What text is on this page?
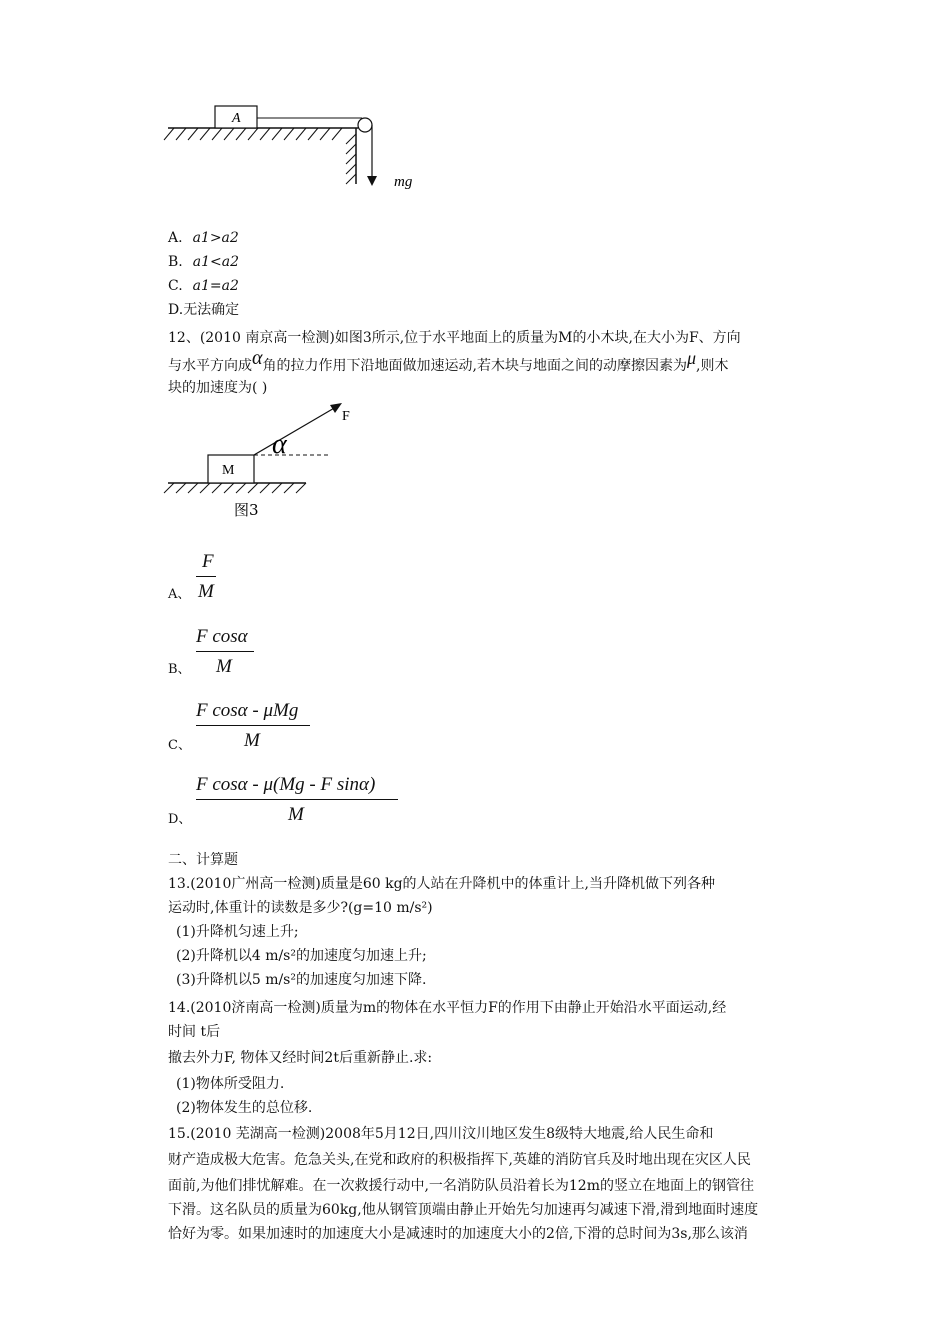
A
mg
A. a1>a2
B. a1<a2
C. a1=a2
D.无法确定
12、(2010 南京高一检测)如图3所示,位于水平地面上的质量为M的小木块,在大小为F、方向
与水平方向成α角的拉力作用下沿地面做加速运动,若木块与地面之间的动摩擦因素为μ,则木
块的加速度为( )
M
F
α
图3
A、
F
M
B、
F cosα
M
C、
F cosα - μMg
M
D、
F cosα - μ(Mg - F sinα)
M
二、计算题
13.(2010广州高一检测)质量是60 kg的人站在升降机中的体重计上,当升降机做下列各种
运动时,体重计的读数是多少?(g=10 m/s²)
(1)升降机匀速上升;
(2)升降机以4 m/s²的加速度匀加速上升;
(3)升降机以5 m/s²的加速度匀加速下降.
14.(2010济南高一检测)质量为m的物体在水平恒力F的作用下由静止开始沿水平面运动,经
时间 t后
撤去外力F, 物体又经时间2t后重新静止.求:
(1)物体所受阻力.
(2)物体发生的总位移.
15.(2010 芜湖高一检测)2008年5月12日,四川汶川地区发生8级特大地震,给人民生命和
财产造成极大危害。危急关头,在党和政府的积极指挥下,英雄的消防官兵及时地出现在灾区人民
面前,为他们排忧解难。在一次救援行动中,一名消防队员沿着长为12m的竖立在地面上的钢管往
下滑。这名队员的质量为60kg,他从钢管顶端由静止开始先匀加速再匀减速下滑,滑到地面时速度
恰好为零。如果加速时的加速度大小是减速时的加速度大小的2倍,下滑的总时间为3s,那么该消
